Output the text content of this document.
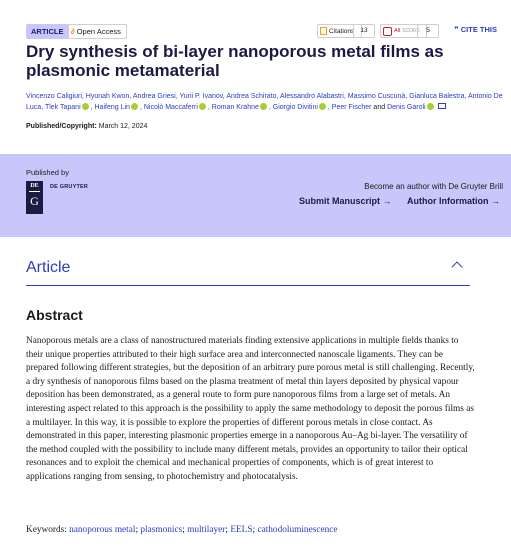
ARTICLE	∂ Open Access	Citations 13	Alt
SCORE 5	❞ CITE THIS
Dry synthesis of bi-layer nanoporous metal films as plasmonic metamaterial
Vincenzo Caligiuri, Hyunah Kwon, Andrea Griesi, Yurii P. Ivanov, Andrea Schirato, Alessandro Alabastri, Massimo Cuscunà, Gianluca Balestra, Antonio De Luca, Tlek Tapani , Haifeng Lin , Nicolò Maccaferri , Roman Krahne , Giorgio Divitini , Peer Fischer and Denis Garoli
Published/Copyright: March 12, 2024
Published by
DE
G
DE GRUYTER	Become an author with De Gruyter Brill
Submit Manuscript → Author Information →
Article
Abstract

Nanoporous metals are a class of nanostructured materials finding extensive applications in multiple fields thanks to their unique properties attributed to their high surface area and interconnected nanoscale ligaments. They can be prepared following different strategies, but the deposition of an arbitrary pure porous metal is still challenging. Recently, a dry synthesis of nanoporous films based on the plasma treatment of metal thin layers deposited by physical vapour deposition has been demonstrated, as a general route to form pure nanoporous films from a large set of metals. An interesting aspect related to this approach is the possibility to apply the same methodology to deposit the porous films as a multilayer. In this way, it is possible to explore the properties of different porous metals in close contact. As demonstrated in this paper, interesting plasmonic properties emerge in a nanoporous Au–Ag bi-layer. The versatility of the method coupled with the possibility to include many different metals, provides an opportunity to tailor their optical resonances and to exploit the chemical and mechanical properties of components, which is of great interest to applications ranging from sensing, to photochemistry and photocatalysis.

Keywords: nanoporous metal; plasmonics; multilayer; EELS; cathodoluminescence
